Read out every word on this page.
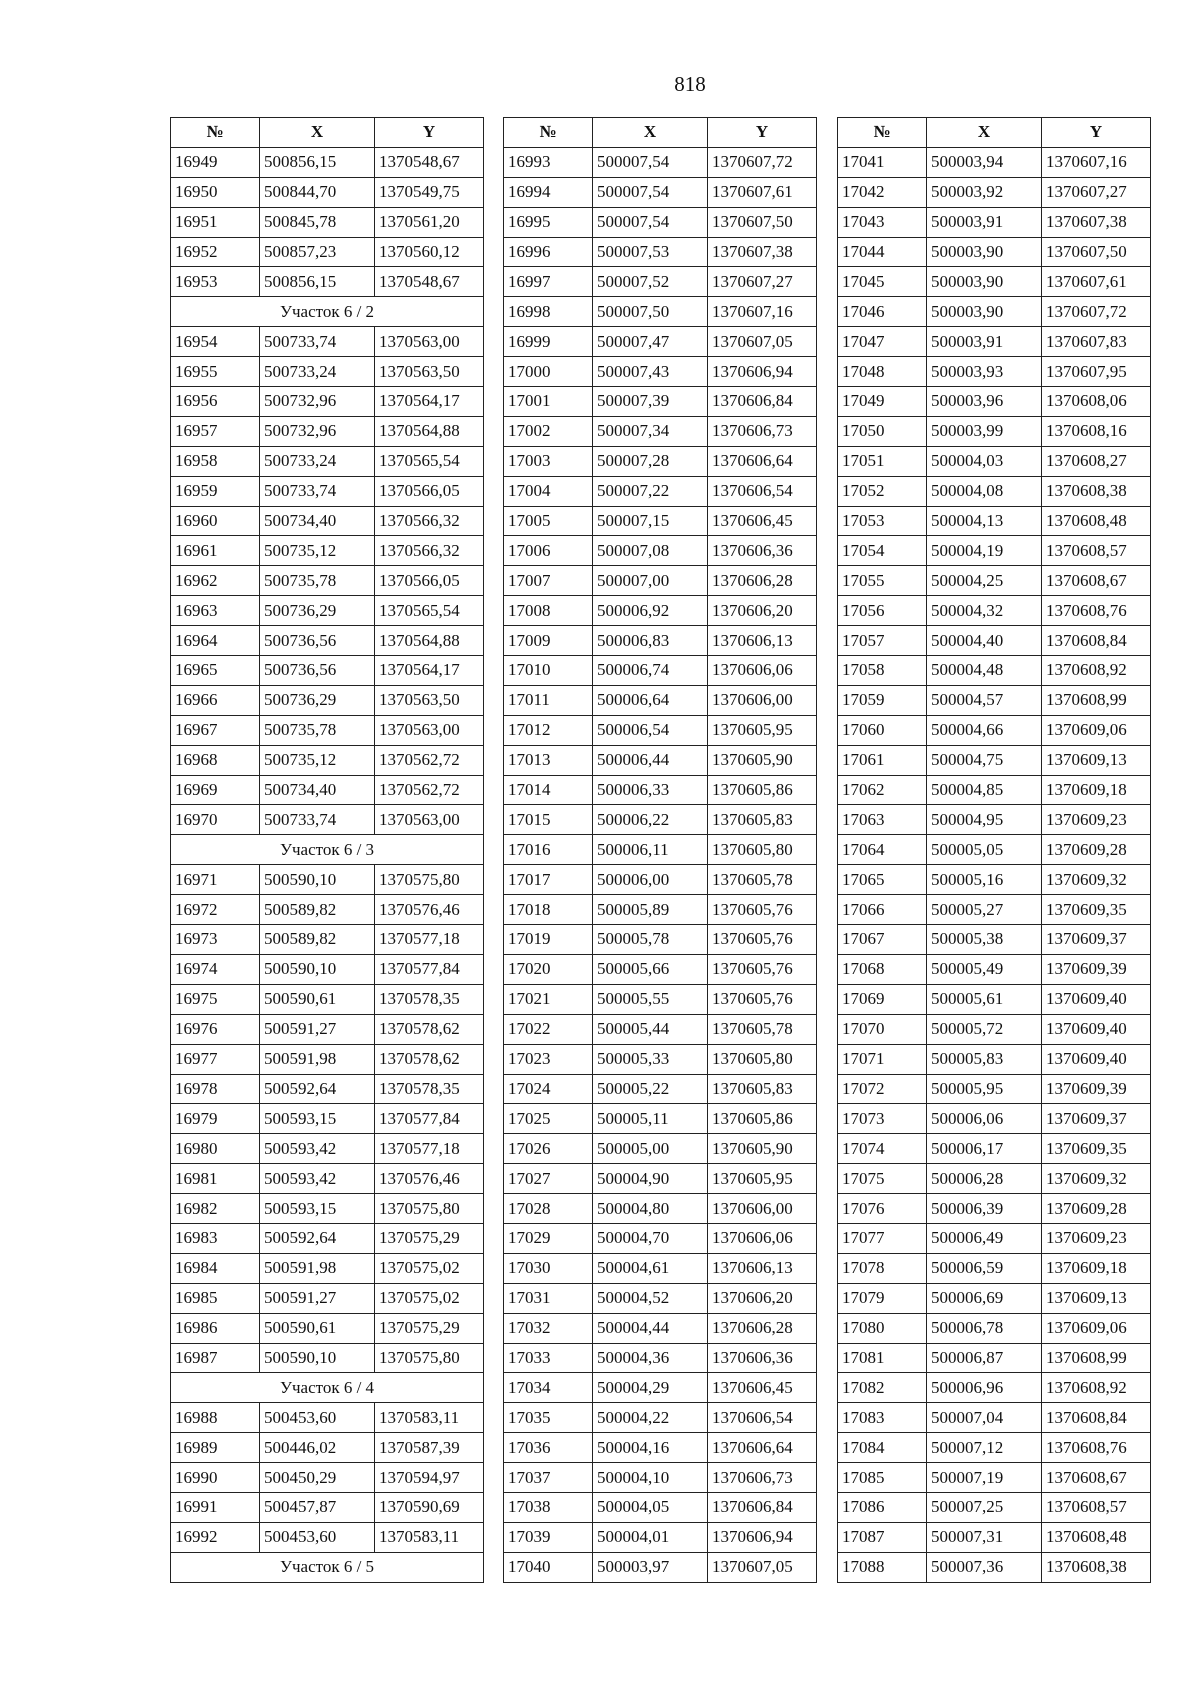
818
№	X	Y
16949	500856,15	1370548,67
16950	500844,70	1370549,75
16951	500845,78	1370561,20
16952	500857,23	1370560,12
16953	500856,15	1370548,67
Участок 6 / 2		
16954	500733,74	1370563,00
16955	500733,24	1370563,50
16956	500732,96	1370564,17
16957	500732,96	1370564,88
16958	500733,24	1370565,54
16959	500733,74	1370566,05
16960	500734,40	1370566,32
16961	500735,12	1370566,32
16962	500735,78	1370566,05
16963	500736,29	1370565,54
16964	500736,56	1370564,88
16965	500736,56	1370564,17
16966	500736,29	1370563,50
16967	500735,78	1370563,00
16968	500735,12	1370562,72
16969	500734,40	1370562,72
16970	500733,74	1370563,00
Участок 6 / 3		
16971	500590,10	1370575,80
16972	500589,82	1370576,46
16973	500589,82	1370577,18
16974	500590,10	1370577,84
16975	500590,61	1370578,35
16976	500591,27	1370578,62
16977	500591,98	1370578,62
16978	500592,64	1370578,35
16979	500593,15	1370577,84
16980	500593,42	1370577,18
16981	500593,42	1370576,46
16982	500593,15	1370575,80
16983	500592,64	1370575,29
16984	500591,98	1370575,02
16985	500591,27	1370575,02
16986	500590,61	1370575,29
16987	500590,10	1370575,80
Участок 6 / 4		
16988	500453,60	1370583,11
16989	500446,02	1370587,39
16990	500450,29	1370594,97
16991	500457,87	1370590,69
16992	500453,60	1370583,11
Участок 6 / 5		
№	X	Y
16993	500007,54	1370607,72
16994	500007,54	1370607,61
16995	500007,54	1370607,50
16996	500007,53	1370607,38
16997	500007,52	1370607,27
16998	500007,50	1370607,16
16999	500007,47	1370607,05
17000	500007,43	1370606,94
17001	500007,39	1370606,84
17002	500007,34	1370606,73
17003	500007,28	1370606,64
17004	500007,22	1370606,54
17005	500007,15	1370606,45
17006	500007,08	1370606,36
17007	500007,00	1370606,28
17008	500006,92	1370606,20
17009	500006,83	1370606,13
17010	500006,74	1370606,06
17011	500006,64	1370606,00
17012	500006,54	1370605,95
17013	500006,44	1370605,90
17014	500006,33	1370605,86
17015	500006,22	1370605,83
17016	500006,11	1370605,80
17017	500006,00	1370605,78
17018	500005,89	1370605,76
17019	500005,78	1370605,76
17020	500005,66	1370605,76
17021	500005,55	1370605,76
17022	500005,44	1370605,78
17023	500005,33	1370605,80
17024	500005,22	1370605,83
17025	500005,11	1370605,86
17026	500005,00	1370605,90
17027	500004,90	1370605,95
17028	500004,80	1370606,00
17029	500004,70	1370606,06
17030	500004,61	1370606,13
17031	500004,52	1370606,20
17032	500004,44	1370606,28
17033	500004,36	1370606,36
17034	500004,29	1370606,45
17035	500004,22	1370606,54
17036	500004,16	1370606,64
17037	500004,10	1370606,73
17038	500004,05	1370606,84
17039	500004,01	1370606,94
17040	500003,97	1370607,05
№	X	Y
17041	500003,94	1370607,16
17042	500003,92	1370607,27
17043	500003,91	1370607,38
17044	500003,90	1370607,50
17045	500003,90	1370607,61
17046	500003,90	1370607,72
17047	500003,91	1370607,83
17048	500003,93	1370607,95
17049	500003,96	1370608,06
17050	500003,99	1370608,16
17051	500004,03	1370608,27
17052	500004,08	1370608,38
17053	500004,13	1370608,48
17054	500004,19	1370608,57
17055	500004,25	1370608,67
17056	500004,32	1370608,76
17057	500004,40	1370608,84
17058	500004,48	1370608,92
17059	500004,57	1370608,99
17060	500004,66	1370609,06
17061	500004,75	1370609,13
17062	500004,85	1370609,18
17063	500004,95	1370609,23
17064	500005,05	1370609,28
17065	500005,16	1370609,32
17066	500005,27	1370609,35
17067	500005,38	1370609,37
17068	500005,49	1370609,39
17069	500005,61	1370609,40
17070	500005,72	1370609,40
17071	500005,83	1370609,40
17072	500005,95	1370609,39
17073	500006,06	1370609,37
17074	500006,17	1370609,35
17075	500006,28	1370609,32
17076	500006,39	1370609,28
17077	500006,49	1370609,23
17078	500006,59	1370609,18
17079	500006,69	1370609,13
17080	500006,78	1370609,06
17081	500006,87	1370608,99
17082	500006,96	1370608,92
17083	500007,04	1370608,84
17084	500007,12	1370608,76
17085	500007,19	1370608,67
17086	500007,25	1370608,57
17087	500007,31	1370608,48
17088	500007,36	1370608,38
